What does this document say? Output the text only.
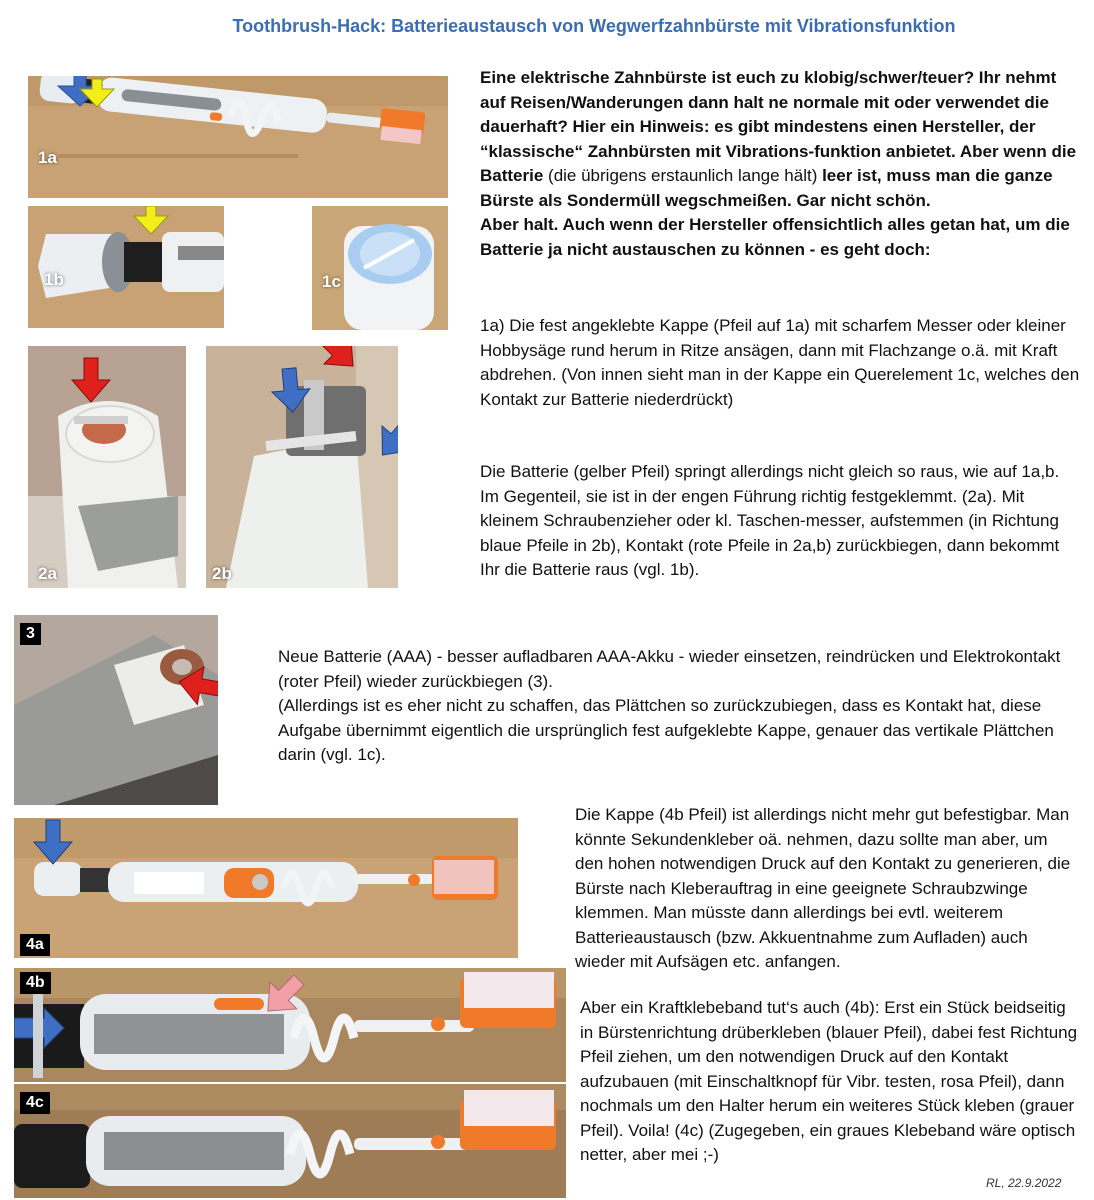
Toothbrush-Hack: Batterieaustausch von Wegwerfzahnbürste mit Vibrationsfunktion
1a
1b	1c
2a	2b
3
4a
4b
4c
Eine elektrische Zahnbürste ist euch zu klobig/schwer/teuer? Ihr nehmt auf Reisen/Wanderungen dann halt ne normale mit oder verwendet die dauerhaft? Hier ein Hinweis: es gibt mindestens einen Hersteller, der “klassische“ Zahnbürsten mit Vibrations-funktion anbietet. Aber wenn die Batterie (die übrigens erstaunlich lange hält) leer ist, muss man die ganze Bürste als Sondermüll wegschmeißen. Gar nicht schön.
Aber halt. Auch wenn der Hersteller offensichtlich alles getan hat, um die Batterie ja nicht austauschen zu können - es geht doch:
1a) Die fest angeklebte Kappe (Pfeil auf 1a) mit scharfem Messer oder kleiner Hobbysäge rund herum in Ritze ansägen, dann mit Flachzange o.ä. mit Kraft abdrehen. (Von innen sieht man in der Kappe ein Querelement 1c, welches den Kontakt zur Batterie niederdrückt)
Die Batterie (gelber Pfeil) springt allerdings nicht gleich so raus, wie auf 1a,b. Im Gegenteil, sie ist in der engen Führung richtig festgeklemmt. (2a). Mit kleinem Schraubenzieher oder kl. Taschen-messer, aufstemmen (in Richtung blaue Pfeile in 2b), Kontakt (rote Pfeile in 2a,b) zurückbiegen, dann bekommt Ihr die Batterie raus (vgl. 1b).
Neue Batterie (AAA) - besser aufladbaren AAA-Akku - wieder einsetzen, reindrücken und Elektrokontakt (roter Pfeil) wieder zurückbiegen (3).
(Allerdings ist es eher nicht zu schaffen, das Plättchen so zurückzubiegen, dass es Kontakt hat, diese Aufgabe übernimmt eigentlich die ursprünglich fest aufgeklebte Kappe, genauer das vertikale Plättchen darin (vgl. 1c).
Die Kappe (4b Pfeil) ist allerdings nicht mehr gut befestigbar. Man könnte Sekundenkleber oä. nehmen, dazu sollte man aber, um den hohen notwendigen Druck auf den Kontakt zu generieren, die Bürste nach Kleberauftrag in eine geeignete Schraubzwinge klemmen. Man müsste dann allerdings bei evtl. weiterem Batterieaustausch (bzw. Akkuentnahme zum Aufladen) auch wieder mit Aufsägen etc. anfangen.
Aber ein Kraftklebeband tut‘s auch (4b): Erst ein Stück beidseitig in Bürstenrichtung drüberkleben (blauer Pfeil), dabei fest Richtung Pfeil ziehen, um den notwendigen Druck auf den Kontakt aufzubauen (mit Einschaltknopf für Vibr. testen, rosa Pfeil), dann nochmals um den Halter herum ein weiteres Stück kleben (grauer Pfeil). Voila! (4c) (Zugegeben, ein graues Klebeband wäre optisch netter, aber mei ;-)
RL, 22.9.2022
